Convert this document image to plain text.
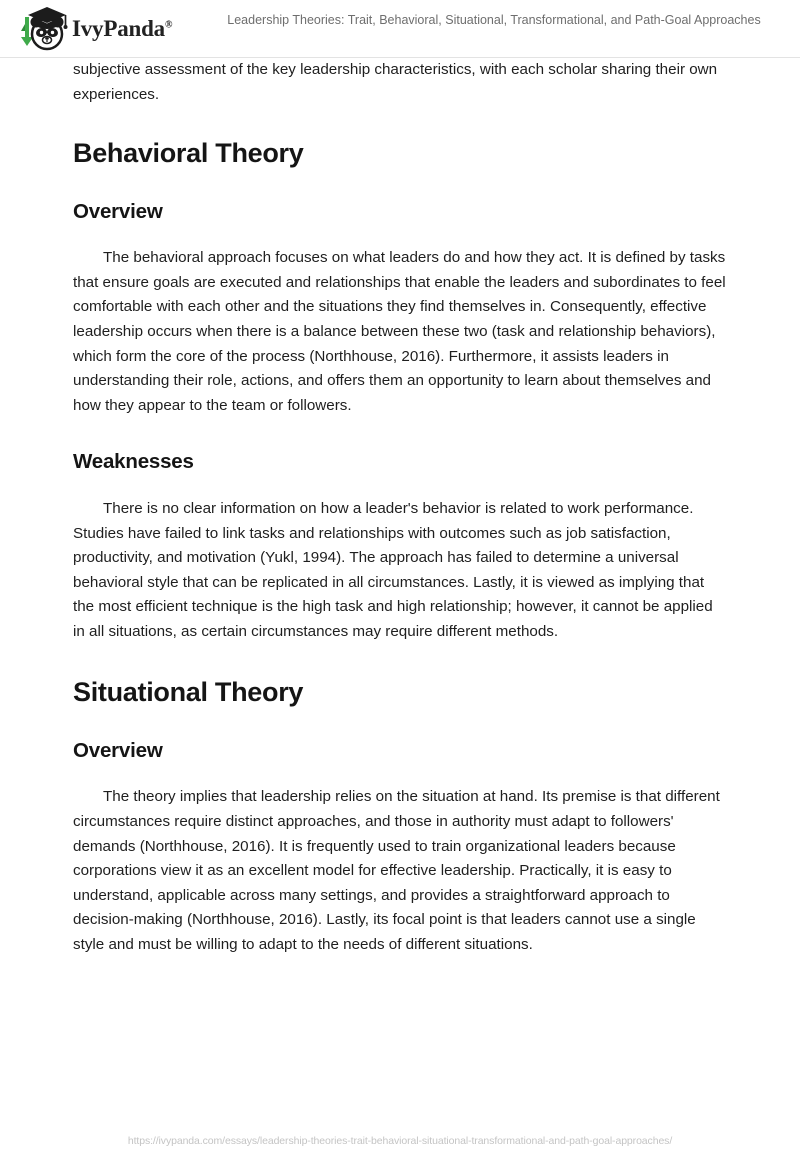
IvyPanda®	Leadership Theories: Trait, Behavioral, Situational, Transformational, and Path-Goal Approaches

subjective assessment of the key leadership characteristics, with each scholar sharing their own experiences.

Behavioral Theory
Overview

The behavioral approach focuses on what leaders do and how they act. It is defined by tasks that ensure goals are executed and relationships that enable the leaders and subordinates to feel comfortable with each other and the situations they find themselves in. Consequently, effective leadership occurs when there is a balance between these two (task and relationship behaviors), which form the core of the process (Northhouse, 2016). Furthermore, it assists leaders in understanding their role, actions, and offers them an opportunity to learn about themselves and how they appear to the team or followers.

Weaknesses

There is no clear information on how a leader's behavior is related to work performance. Studies have failed to link tasks and relationships with outcomes such as job satisfaction, productivity, and motivation (Yukl, 1994). The approach has failed to determine a universal behavioral style that can be replicated in all circumstances. Lastly, it is viewed as implying that the most efficient technique is the high task and high relationship; however, it cannot be applied in all situations, as certain circumstances may require different methods.

Situational Theory
Overview

The theory implies that leadership relies on the situation at hand. Its premise is that different circumstances require distinct approaches, and those in authority must adapt to followers' demands (Northhouse, 2016). It is frequently used to train organizational leaders because corporations view it as an excellent model for effective leadership. Practically, it is easy to understand, applicable across many settings, and provides a straightforward approach to decision-making (Northhouse, 2016). Lastly, its focal point is that leaders cannot use a single style and must be willing to adapt to the needs of different situations.

https://ivypanda.com/essays/leadership-theories-trait-behavioral-situational-transformational-and-path-goal-approaches/
